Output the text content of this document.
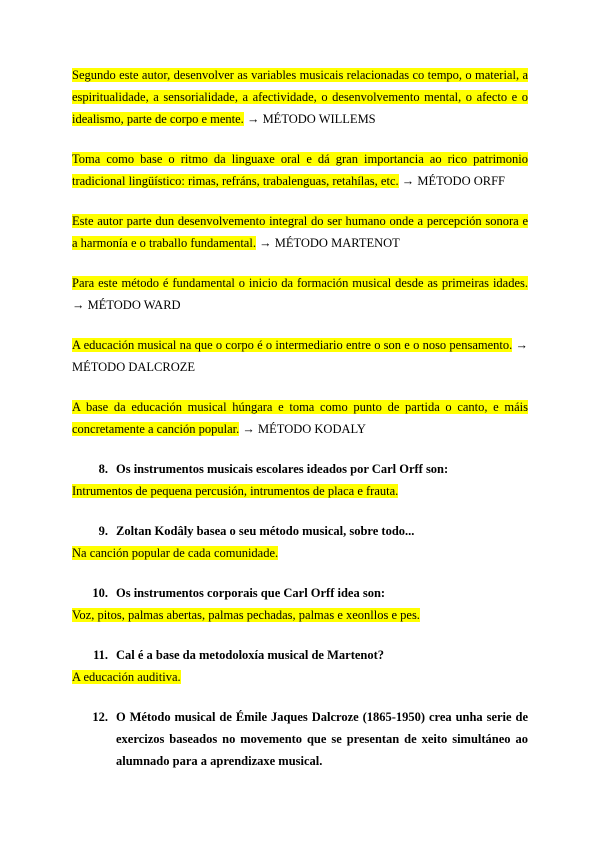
Segundo este autor, desenvolver as variables musicais relacionadas co tempo, o material, a espiritualidade, a sensorialidade, a afectividade, o desenvolvemento mental, o afecto e o idealismo, parte de corpo e mente. → MÉTODO WILLEMS

Toma como base o ritmo da linguaxe oral e dá gran importancia ao rico patrimonio tradicional lingüístico: rimas, refráns, trabalenguas, retahílas, etc. → MÉTODO ORFF

Este autor parte dun desenvolvemento integral do ser humano onde a percepción sonora e a harmonía e o traballo fundamental. → MÉTODO MARTENOT

Para este método é fundamental o inicio da formación musical desde as primeiras idades. → MÉTODO WARD

A educación musical na que o corpo é o intermediario entre o son e o noso pensamento. → MÉTODO DALCROZE

A base da educación musical húngara e toma como punto de partida o canto, e máis concretamente a canción popular. → MÉTODO KODALY

8. Os instrumentos musicais escolares ideados por Carl Orff son:

Intrumentos de pequena percusión, intrumentos de placa e frauta.

9. Zoltan Kodâly basea o seu método musical, sobre todo...

Na canción popular de cada comunidade.

10. Os instrumentos corporais que Carl Orff idea son:

Voz, pitos, palmas abertas, palmas pechadas, palmas e xeonllos e pes.

11. Cal é a base da metodoloxía musical de Martenot?

A educación auditiva.

12. O Método musical de Émile Jaques Dalcroze (1865-1950) crea unha serie de exercizos baseados no movemento que se presentan de xeito simultáneo ao alumnado para a aprendizaxe musical.
